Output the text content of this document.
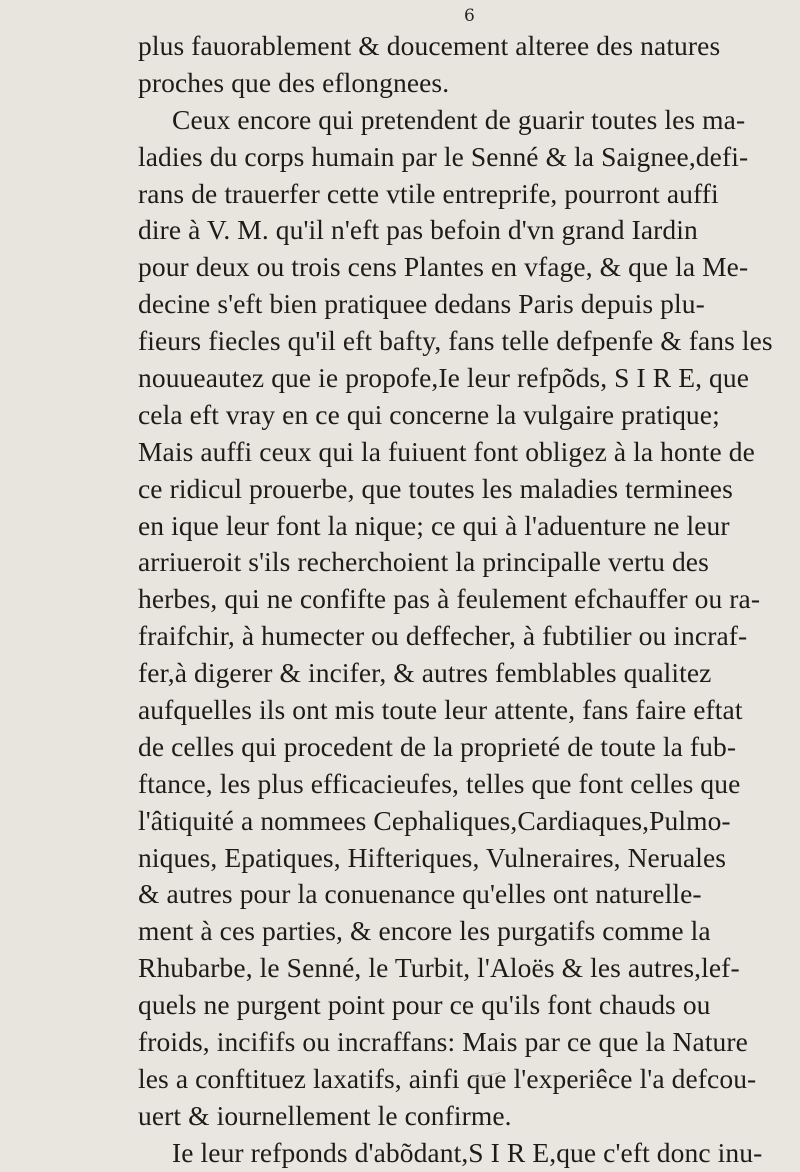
6
plus fauorablement & doucement alteree des natures
proches que des eflongnees.
Ceux encore qui pretendent de guarir toutes les ma-
ladies du corps humain par le Senné & la Saignee,defi-
rans de trauerfer cette vtile entreprife, pourront auffi
dire à V. M. qu'il n'eft pas befoin d'vn grand Iardin
pour deux ou trois cens Plantes en vfage, & que la Me-
decine s'eft bien pratiquee dedans Paris depuis plu-
fieurs fiecles qu'il eft bafty, fans telle defpenfe & fans les
nouueautez que ie propofe,Ie leur refpõds, S I R E, que
cela eft vray en ce qui concerne la vulgaire pratique;
Mais auffi ceux qui la fuiuent font obligez à la honte de
ce ridicul prouerbe, que toutes les maladies terminees
en ique leur font la nique; ce qui à l'aduenture ne leur
arriueroit s'ils recherchoient la principalle vertu des
herbes, qui ne confifte pas à feulement efchauffer ou ra-
fraifchir, à humecter ou deffecher, à fubtilier ou incraf-
fer,à digerer & incifer, & autres femblables qualitez
aufquelles ils ont mis toute leur attente, fans faire eftat
de celles qui procedent de la proprieté de toute la fub-
ftance, les plus efficacieufes, telles que font celles que
l'âtiquité a nommees Cephaliques,Cardiaques,Pulmo-
niques, Epatiques, Hifteriques, Vulneraires, Neruales
& autres pour la conuenance qu'elles ont naturelle-
ment à ces parties, & encore les purgatifs comme la
Rhubarbe, le Senné, le Turbit, l'Aloës & les autres,lef-
quels ne purgent point pour ce qu'ils font chauds ou
froids, incififs ou incraffans: Mais par ce que la Nature
les a conftituez laxatifs, ainfi que l'experiêce l'a defcou-
uert & iournellement le confirme.
Ie leur refponds d'abõdant,S I R E,que c'eft donc inu-
